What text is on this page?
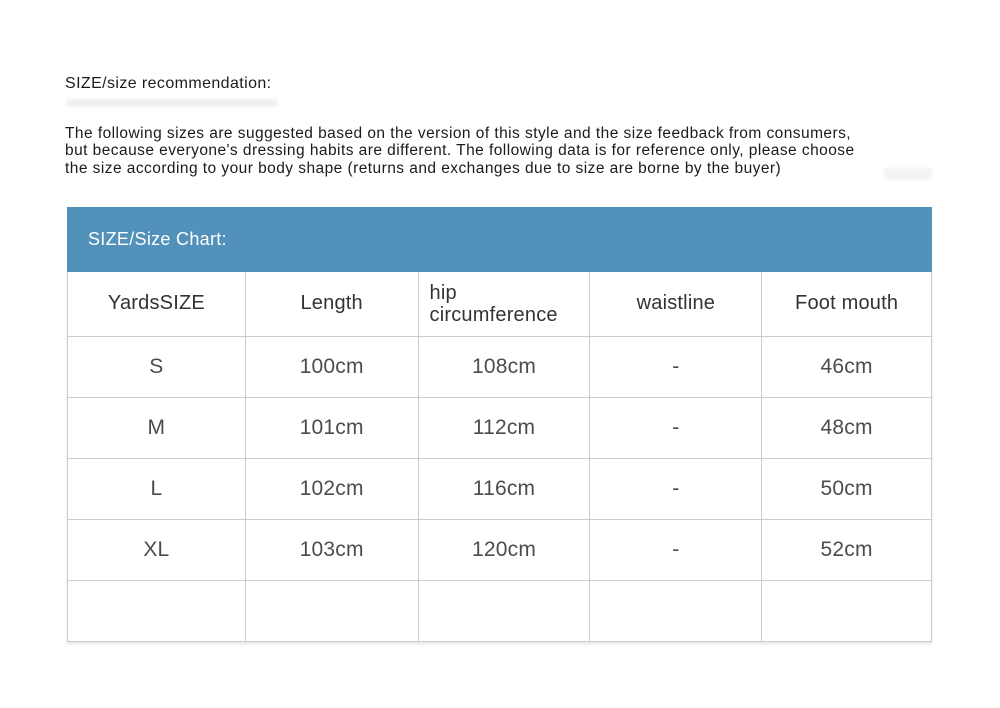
SIZE/size recommendation:
The following sizes are suggested based on the version of this style and the size feedback from consumers,
but because everyone's dressing habits are different. The following data is for reference only, please choose
the size according to your body shape (returns and exchanges due to size are borne by the buyer)
SIZE/Size Chart:
YardsSIZE	Length	hip circumference	waistline	Foot mouth
S	100cm	108cm	-	46cm
M	101cm	112cm	-	48cm
L	102cm	116cm	-	50cm
XL	103cm	120cm	-	52cm
